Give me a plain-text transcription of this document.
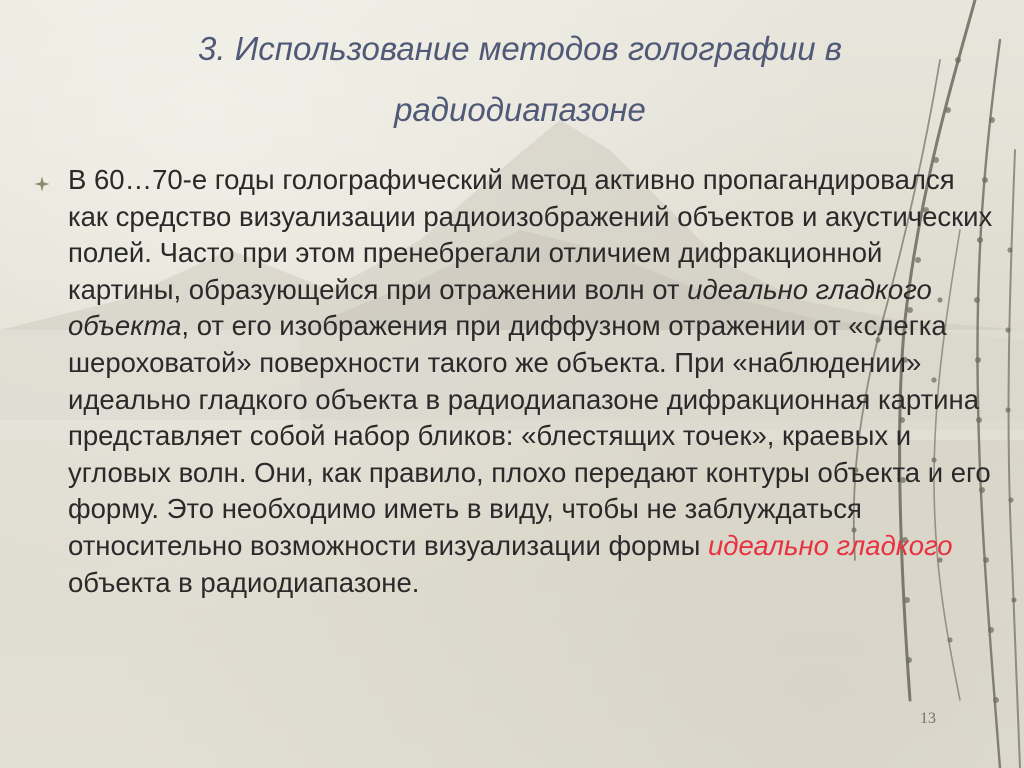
3. Использование методов голографии в
радиодиапазоне

В 60…70-е годы голографический метод активно пропагандировался как средство визуализации радиоизображений объектов и акустических полей. Часто при этом пренебрегали отличием дифракционной картины, образующейся при отражении волн от идеально гладкого объекта, от его изображения при диффузном отражении от «слегка шероховатой» поверхности такого же объекта. При «наблюдении» идеально гладкого объекта в радиодиапазоне дифракционная картина представляет собой набор бликов: «блестящих точек», краевых и угловых волн. Они, как правило, плохо передают контуры объекта и его форму. Это необходимо иметь в виду, чтобы не заблуждаться относительно возможности визуализации формы идеально гладкого объекта в радиодиапазоне.

13
